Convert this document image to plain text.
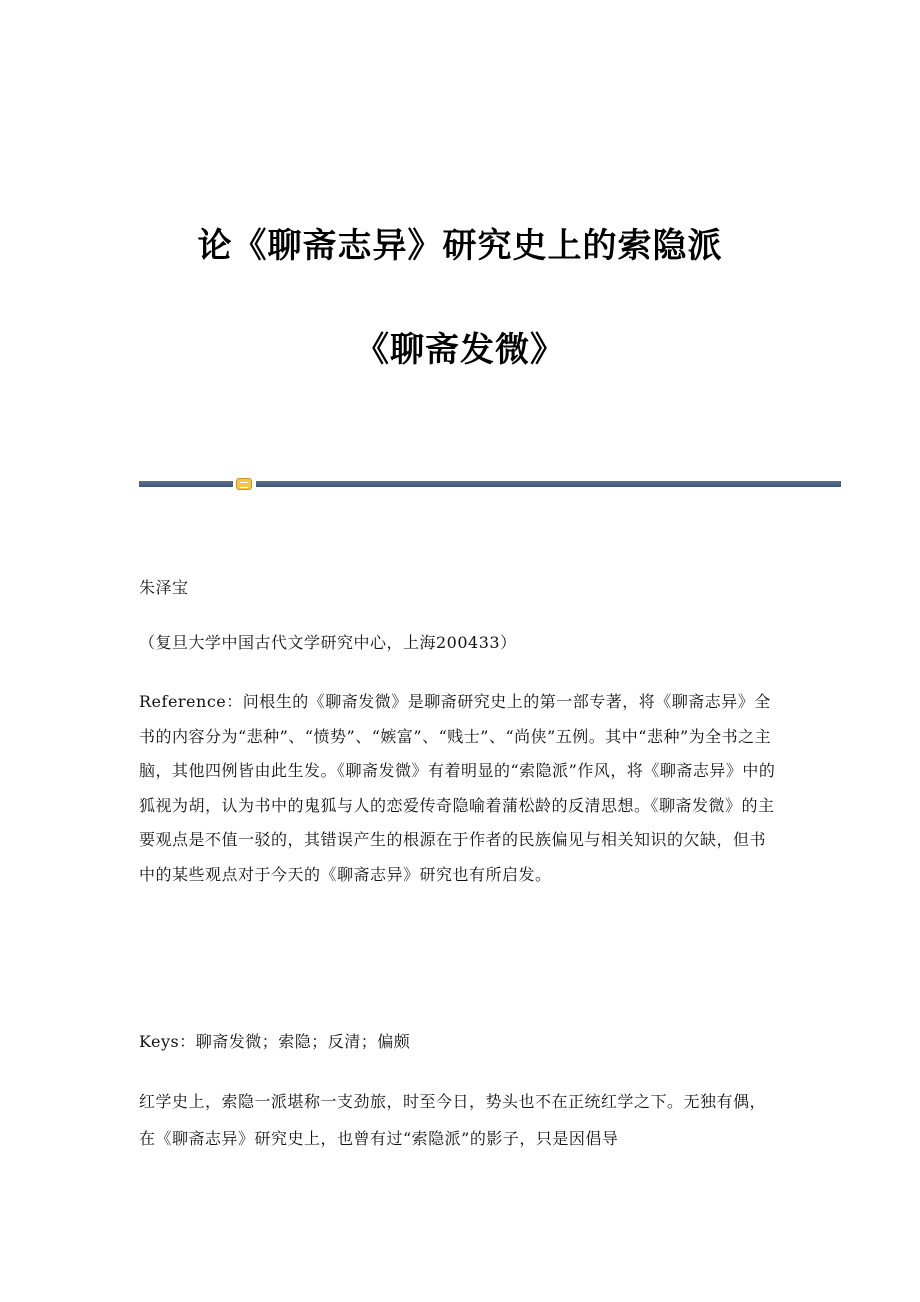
论《聊斋志异》研究史上的索隐派
《聊斋发微》

朱泽宝

（复旦大学中国古代文学研究中心，上海200433）

Reference：问根生的《聊斋发微》是聊斋研究史上的第一部专著，将《聊斋志异》全书的内容分为“悲种”、“愤势”、“嫉富”、“贱士”、“尚侠”五例。其中“悲种”为全书之主脑，其他四例皆由此生发。《聊斋发微》有着明显的“索隐派”作风，将《聊斋志异》中的狐视为胡，认为书中的鬼狐与人的恋爱传奇隐喻着蒲松龄的反清思想。《聊斋发微》的主要观点是不值一驳的，其错误产生的根源在于作者的民族偏见与相关知识的欠缺，但书中的某些观点对于今天的《聊斋志异》研究也有所启发。

Keys：聊斋发微；索隐；反清；偏颇

红学史上，索隐一派堪称一支劲旅，时至今日，势头也不在正统红学之下。无独有偶，在《聊斋志异》研究史上，也曾有过“索隐派”的影子，只是因倡导
